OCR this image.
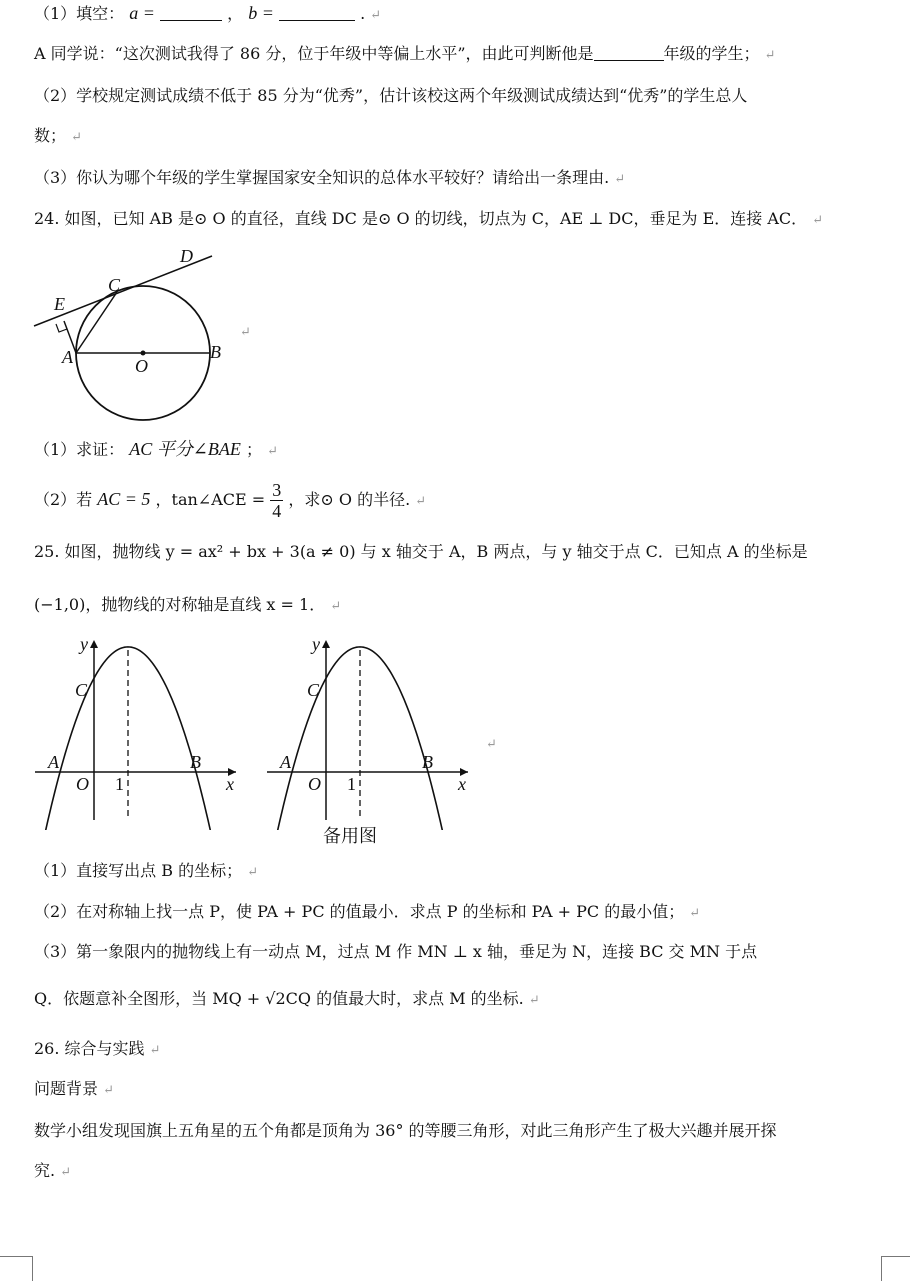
（1）填空： a =	， b =	. ↵
A 同学说：“这次测试我得了 86 分，位于年级中等偏上水平”，由此可判断他是	年级的学生； ↵
（2）学校规定测试成绩不低于 85 分为“优秀”，估计该校这两个年级测试成绩达到“优秀”的学生总人
数； ↵
（3）你认为哪个年级的学生掌握国家安全知识的总体水平较好？请给出一条理由. ↵
24. 如图，已知 AB 是⊙ O 的直径，直线 DC 是⊙ O 的切线，切点为 C，AE ⊥ DC，垂足为 E．连接 AC． ↵
D
C
E
A	O
B
↵
（1）求证： AC 平分∠BAE ； ↵
（2）若 AC = 5 ，tan∠ACE = $\frac{3}{4}$ ，求⊙ O 的半径. ↵
25. 如图，抛物线 y = ax² + bx + 3(a ≠ 0) 与 x 轴交于 A，B 两点，与 y 轴交于点 C．已知点 A 的坐标是
(−1,0)，抛物线的对称轴是直线 x = 1． ↵
y
x
C
A	B
O 1
y
x
C
A	B
O 1
↵
备用图
（1）直接写出点 B 的坐标； ↵
（2）在对称轴上找一点 P，使 PA + PC 的值最小．求点 P 的坐标和 PA + PC 的最小值； ↵
（3）第一象限内的抛物线上有一动点 M，过点 M 作 MN ⊥ x 轴，垂足为 N，连接 BC 交 MN 于点
Q．依题意补全图形，当 MQ + √2CQ 的值最大时，求点 M 的坐标. ↵
26. 综合与实践 ↵
问题背景 ↵
数学小组发现国旗上五角星的五个角都是顶角为 36° 的等腰三角形，对此三角形产生了极大兴趣并展开探
究. ↵
